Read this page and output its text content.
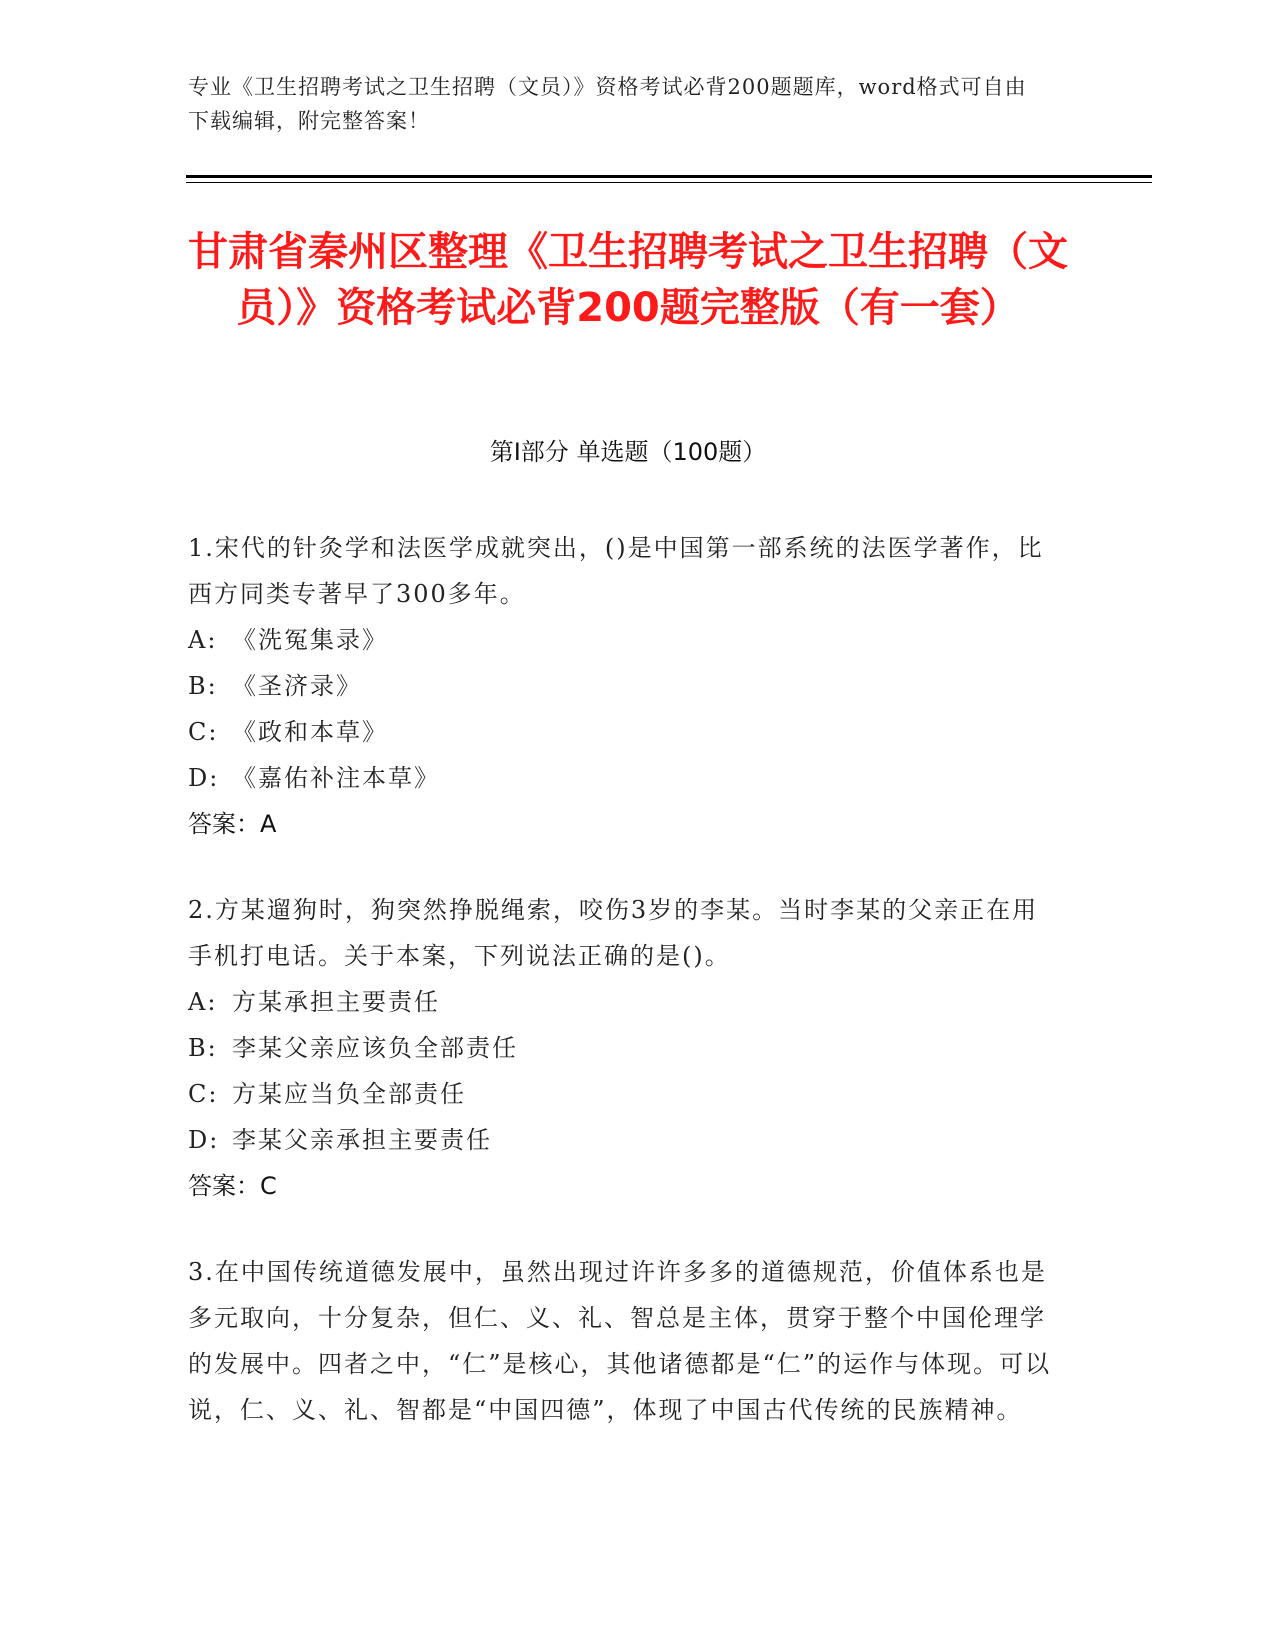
专业《卫生招聘考试之卫生招聘（文员）》资格考试必背200题题库，word格式可自由下载编辑，附完整答案！
甘肃省秦州区整理《卫生招聘考试之卫生招聘（文员）》资格考试必背200题完整版（有一套）
第I部分 单选题（100题）
1.宋代的针灸学和法医学成就突出，()是中国第一部系统的法医学著作，比西方同类专著早了300多年。
A: 《洗冤集录》
B: 《圣济录》
C: 《政和本草》
D: 《嘉佑补注本草》
答案：A
2.方某遛狗时，狗突然挣脱绳索，咬伤3岁的李某。当时李某的父亲正在用手机打电话。关于本案，下列说法正确的是()。
A: 方某承担主要责任
B: 李某父亲应该负全部责任
C: 方某应当负全部责任
D: 李某父亲承担主要责任
答案：C
3.在中国传统道德发展中，虽然出现过许许多多的道德规范，价值体系也是多元取向，十分复杂，但仁、义、礼、智总是主体，贯穿于整个中国伦理学的发展中。四者之中，“仁”是核心，其他诸德都是“仁”的运作与体现。可以说，仁、义、礼、智都是“中国四德”，体现了中国古代传统的民族精神。
